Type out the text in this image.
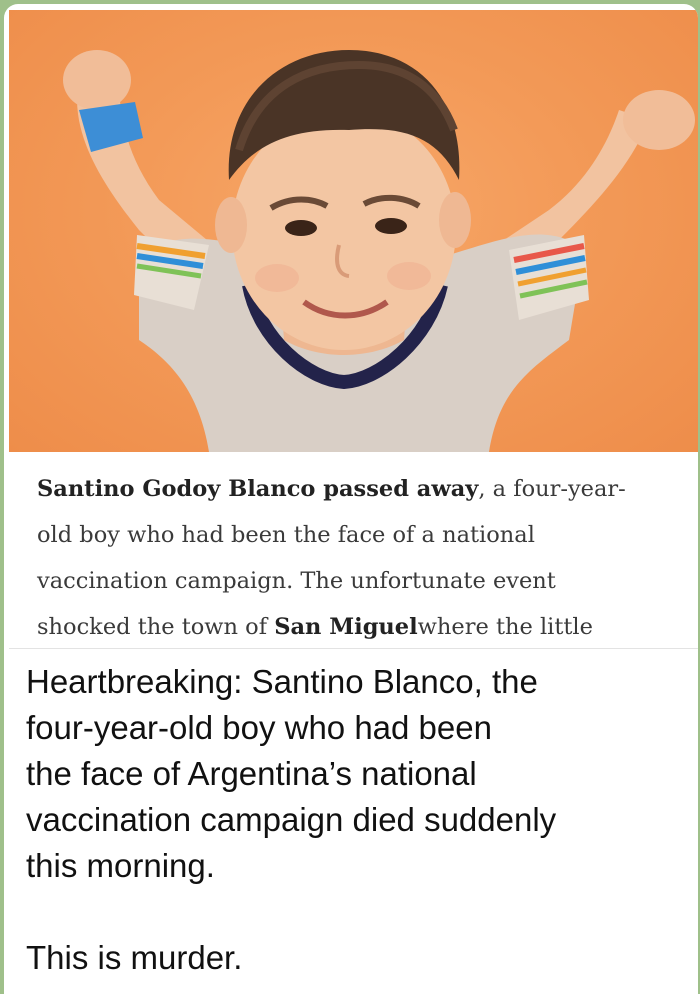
Santino Godoy Blanco passed away, a four-year-
old boy who had been the face of a national
vaccination campaign. The unfortunate event
shocked the town of San Miguelwhere the little
Heartbreaking: Santino Blanco, the
four-year-old boy who had been
the face of Argentina’s national
vaccination campaign died suddenly
this morning.
This is murder.
